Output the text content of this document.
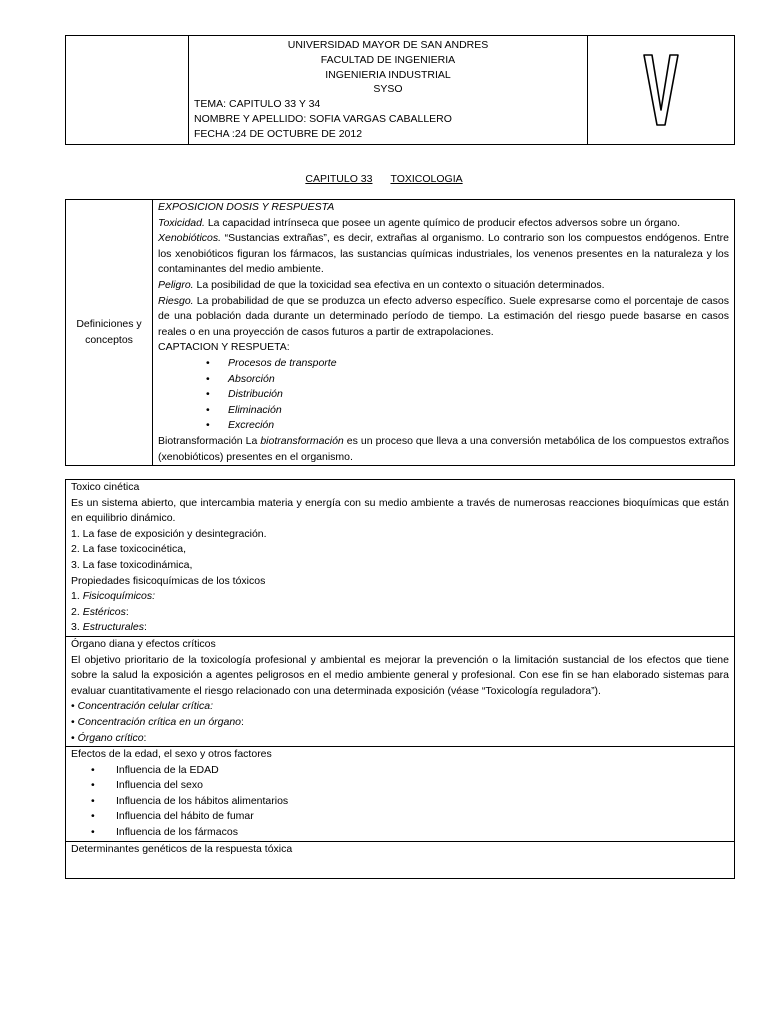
UNIVERSIDAD MAYOR DE SAN ANDRES
FACULTAD DE INGENIERIA
INGENIERIA INDUSTRIAL
SYSO
TEMA: CAPITULO 33 Y 34
NOMBRE Y APELLIDO: SOFIA VARGAS CABALLERO
FECHA :24 DE OCTUBRE DE 2012

CAPITULO 33 TOXICOLOGIA
Definiciones y conceptos	
EXPOSICION DOSIS Y RESPUESTA
Toxicidad. La capacidad intrínseca que posee un agente químico de producir efectos adversos sobre un órgano.
Xenobióticos. “Sustancias extrañas”, es decir, extrañas al organismo. Lo contrario son los compuestos endógenos. Entre los xenobióticos figuran los fármacos, las sustancias químicas industriales, los venenos presentes en la naturaleza y los contaminantes del medio ambiente.
Peligro. La posibilidad de que la toxicidad sea efectiva en un contexto o situación determinados.
Riesgo. La probabilidad de que se produzca un efecto adverso específico. Suele expresarse como el porcentaje de casos de una población dada durante un determinado período de tiempo. La estimación del riesgo puede basarse en casos reales o en una proyección de casos futuros a partir de extrapolaciones.
CAPTACION Y RESPUETA:
• Procesos de transporte
• Absorción
• Distribución
• Eliminación
• Excreción
Biotransformación La biotransformación es un proceso que lleva a una conversión metabólica de los compuestos extraños (xenobióticos) presentes en el organismo.
Toxico cinética
Es un sistema abierto, que intercambia materia y energía con su medio ambiente a través de numerosas reacciones bioquímicas que están en equilibrio dinámico.
1. La fase de exposición y desintegración.
2. La fase toxicocinética,
3. La fase toxicodinámica,
Propiedades fisicoquímicas de los tóxicos
1. Fisicoquímicos:
2. Estéricos:
3. Estructurales:

Órgano diana y efectos críticos
El objetivo prioritario de la toxicología profesional y ambiental es mejorar la prevención o la limitación sustancial de los efectos que tiene sobre la salud la exposición a agentes peligrosos en el medio ambiente general y profesional. Con ese fin se han elaborado sistemas para evaluar cuantitativamente el riesgo relacionado con una determinada exposición (véase “Toxicología reguladora”).
• Concentración celular crítica:
• Concentración crítica en un órgano:
• Órgano crítico:

Efectos de la edad, el sexo y otros factores
• Influencia de la EDAD
• Influencia del sexo
• Influencia de los hábitos alimentarios
• Influencia del hábito de fumar
• Influencia de los fármacos

Determinantes genéticos de la respuesta tóxica
